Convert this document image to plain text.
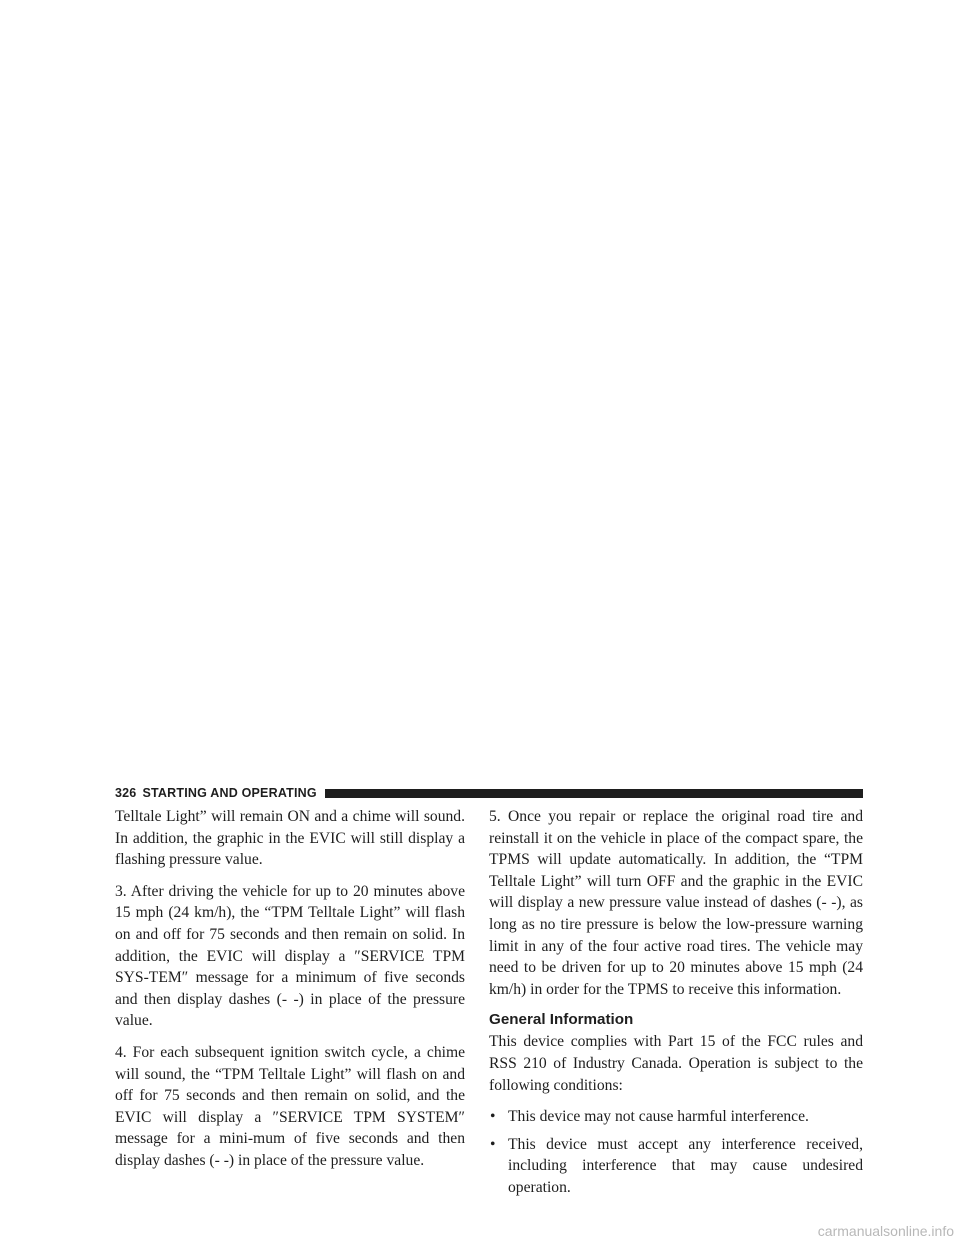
326 STARTING AND OPERATING

Telltale Light” will remain ON and a chime will sound. In addition, the graphic in the EVIC will still display a flashing pressure value.

3. After driving the vehicle for up to 20 minutes above 15 mph (24 km/h), the “TPM Telltale Light” will flash on and off for 75 seconds and then remain on solid. In addition, the EVIC will display a ″SERVICE TPM SYS-TEM″ message for a minimum of five seconds and then display dashes (- -) in place of the pressure value.

4. For each subsequent ignition switch cycle, a chime will sound, the “TPM Telltale Light” will flash on and off for 75 seconds and then remain on solid, and the EVIC will display a ″SERVICE TPM SYSTEM″ message for a mini-mum of five seconds and then display dashes (- -) in place of the pressure value.

5. Once you repair or replace the original road tire and reinstall it on the vehicle in place of the compact spare, the TPMS will update automatically. In addition, the “TPM Telltale Light” will turn OFF and the graphic in the EVIC will display a new pressure value instead of dashes (- -), as long as no tire pressure is below the low-pressure warning limit in any of the four active road tires. The vehicle may need to be driven for up to 20 minutes above 15 mph (24 km/h) in order for the TPMS to receive this information.

General Information

This device complies with Part 15 of the FCC rules and RSS 210 of Industry Canada. Operation is subject to the following conditions:

• This device may not cause harmful interference.
• This device must accept any interference received, including interference that may cause undesired operation.
carmanualsonline.info
